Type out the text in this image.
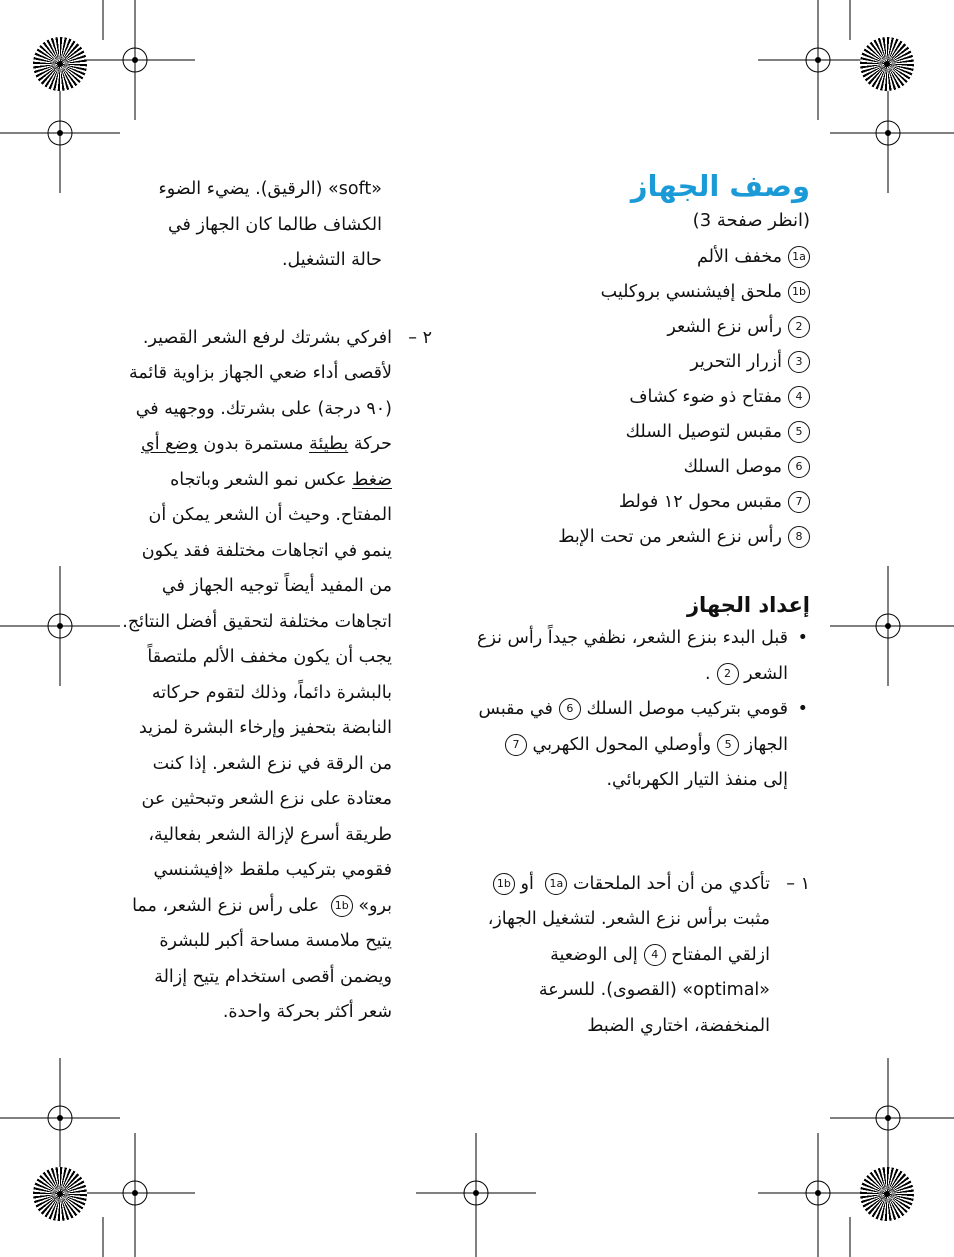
وصف الجهاز

(انظر صفحة 3)

1aمخفف الألم
1bملحق إفيشنسي بروكليب
2رأس نزع الشعر
3أزرار التحرير
4مفتاح ذو ضوء كشاف
5مقبس لتوصيل السلك
6موصل السلك
7مقبس محول ١٢ فولط
8رأس نزع الشعر من تحت الإبط
إعداد الجهاز
•
قبل البدء بنزع الشعر، نظفي جيداً رأس نزع الشعر 2.
•
قومي بتركيب موصل السلك 6في مقبس الجهاز 5وأوصلي المحول الكهربي 7إلى منفذ التيار الكهربائي.
١ –
تأكدي من أن أحد الملحقات 1a أو 1bمثبت برأس نزع الشعر. لتشغيل الجهاز، ازلقي المفتاح 4إلى الوضعية «optimal» (القصوى). للسرعة المنخفضة، اختاري الضبط
«soft» (الرقيق). يضيء الضوء الكشاف طالما كان الجهاز في حالة التشغيل.
٢ –
افركي بشرتك لرفع الشعر القصير. لأقصى أداء ضعي الجهاز بزاوية قائمة (٩٠ درجة) على بشرتك. ووجهيه في حركة بطيئة مستمرة بدون وضع أي ضغط عكس نمو الشعر وباتجاه المفتاح. وحيث أن الشعر يمكن أن ينمو في اتجاهات مختلفة فقد يكون من المفيد أيضاً توجيه الجهاز في اتجاهات مختلفة لتحقيق أفضل النتائج. يجب أن يكون مخفف الألم ملتصقاً بالبشرة دائماً، وذلك لتقوم حركاته النابضة بتحفيز وإرخاء البشرة لمزيد من الرقة في نزع الشعر. إذا كنت معتادة على نزع الشعر وتبحثين عن طريقة أسرع لإزالة الشعر بفعالية، فقومي بتركيب ملقط «إفيشنسي برو» 1b على رأس نزع الشعر، مما يتيح ملامسة مساحة أكبر للبشرة ويضمن أقصى استخدام يتيح إزالة شعر أكثر بحركة واحدة.
